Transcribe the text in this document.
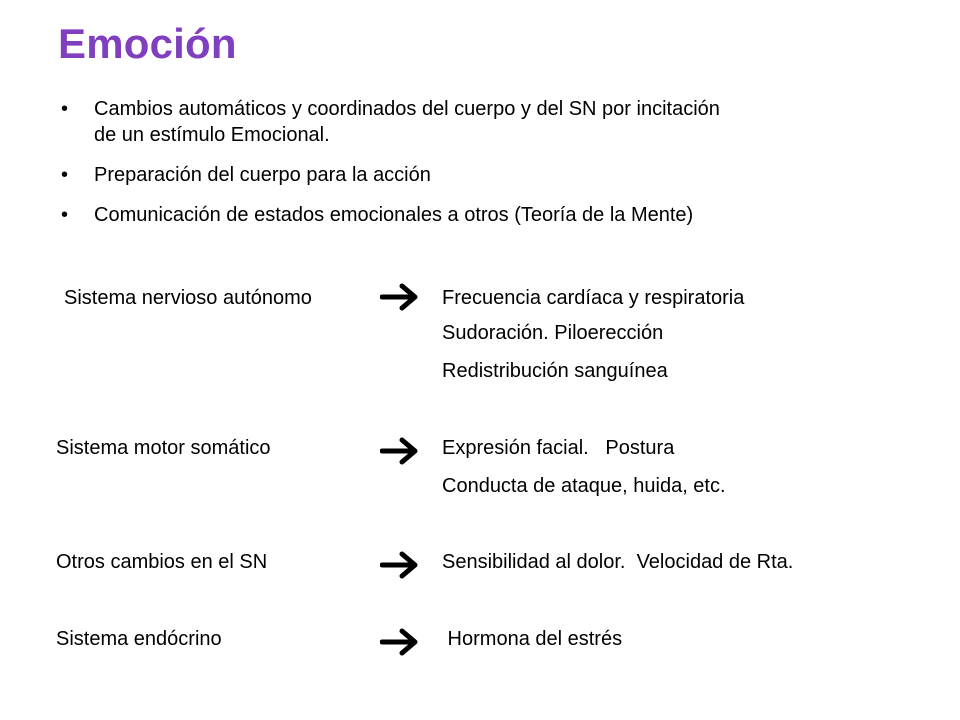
Emoción
• Cambios automáticos y coordinados del cuerpo y del SN por incitación
de un estímulo Emocional.
• Preparación del cuerpo para la acción
• Comunicación de estados emocionales a otros (Teoría de la Mente)
Sistema nervioso autónomo	Frecuencia cardíaca y respiratoria
Sudoración. Piloerección
Redistribución sanguínea
Sistema motor somático	Expresión facial.   Postura
Conducta de ataque, huida, etc.
Otros cambios en el SN	Sensibilidad al dolor.  Velocidad de Rta.
Sistema endócrino	Hormona del estrés
